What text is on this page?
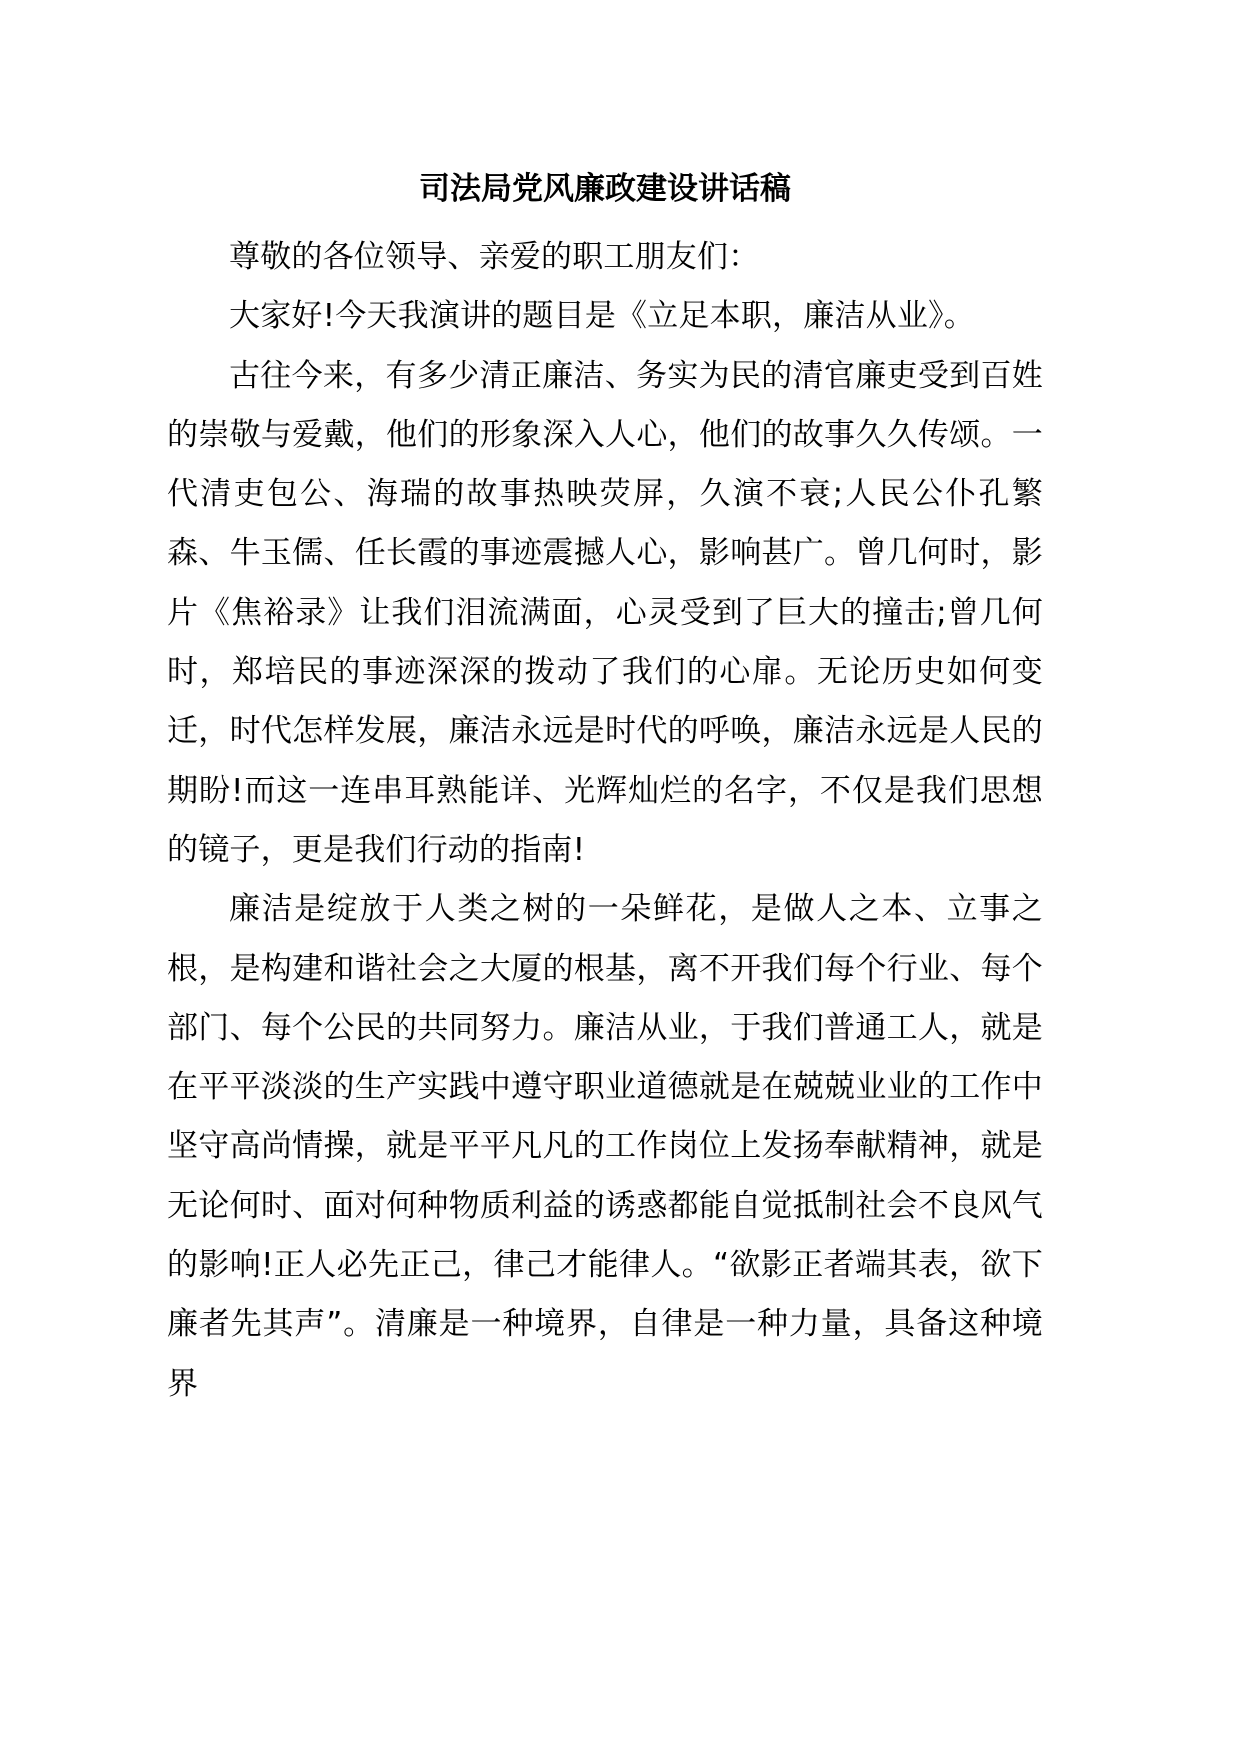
司法局党风廉政建设讲话稿

尊敬的各位领导、亲爱的职工朋友们：

大家好!今天我演讲的题目是《立足本职，廉洁从业》。

古往今来，有多少清正廉洁、务实为民的清官廉吏受到百姓的崇敬与爱戴，他们的形象深入人心，他们的故事久久传颂。一代清吏包公、海瑞的故事热映荧屏，久演不衰;人民公仆孔繁森、牛玉儒、任长霞的事迹震撼人心，影响甚广。曾几何时，影片《焦裕录》让我们泪流满面，心灵受到了巨大的撞击;曾几何时，郑培民的事迹深深的拨动了我们的心扉。无论历史如何变迁，时代怎样发展，廉洁永远是时代的呼唤，廉洁永远是人民的期盼!而这一连串耳熟能详、光辉灿烂的名字，不仅是我们思想的镜子，更是我们行动的指南!

廉洁是绽放于人类之树的一朵鲜花，是做人之本、立事之根，是构建和谐社会之大厦的根基，离不开我们每个行业、每个部门、每个公民的共同努力。廉洁从业，于我们普通工人，就是在平平淡淡的生产实践中遵守职业道德就是在兢兢业业的工作中坚守高尚情操，就是平平凡凡的工作岗位上发扬奉献精神，就是无论何时、面对何种物质利益的诱惑都能自觉抵制社会不良风气的影响!正人必先正己，律己才能律人。“欲影正者端其表，欲下廉者先其声”。清廉是一种境界，自律是一种力量，具备这种境界
